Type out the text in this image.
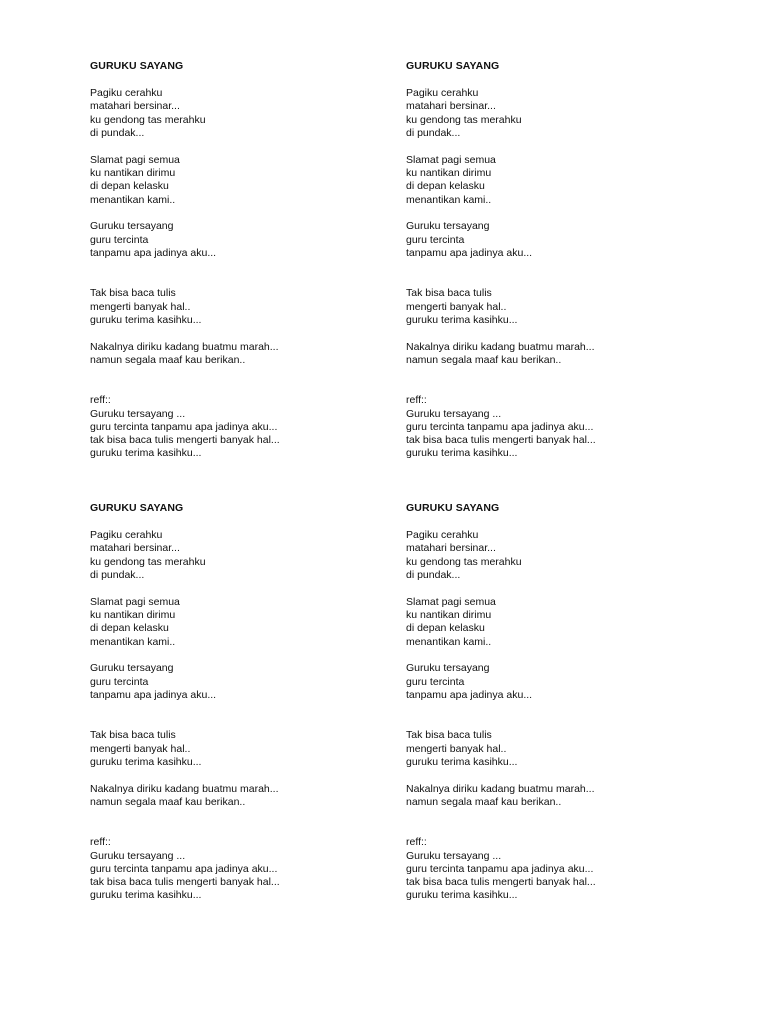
GURUKU SAYANG

Pagiku cerahku
matahari bersinar...
ku gendong tas merahku
di pundak...

Slamat pagi semua
ku nantikan dirimu
di depan kelasku
menantikan kami..

Guruku tersayang
guru tercinta
tanpamu apa jadinya aku...

Tak bisa baca tulis
mengerti banyak hal..
guruku terima kasihku...

Nakalnya diriku kadang buatmu marah...
namun segala maaf kau berikan..

reff::
Guruku tersayang ...
guru tercinta tanpamu apa jadinya aku...
tak bisa baca tulis mengerti banyak hal...
guruku terima kasihku...

GURUKU SAYANG

Pagiku cerahku
matahari bersinar...
ku gendong tas merahku
di pundak...

Slamat pagi semua
ku nantikan dirimu
di depan kelasku
menantikan kami..

Guruku tersayang
guru tercinta
tanpamu apa jadinya aku...

Tak bisa baca tulis
mengerti banyak hal..
guruku terima kasihku...

Nakalnya diriku kadang buatmu marah...
namun segala maaf kau berikan..

reff::
Guruku tersayang ...
guru tercinta tanpamu apa jadinya aku...
tak bisa baca tulis mengerti banyak hal...
guruku terima kasihku...

GURUKU SAYANG

Pagiku cerahku
matahari bersinar...
ku gendong tas merahku
di pundak...

Slamat pagi semua
ku nantikan dirimu
di depan kelasku
menantikan kami..

Guruku tersayang
guru tercinta
tanpamu apa jadinya aku...

Tak bisa baca tulis
mengerti banyak hal..
guruku terima kasihku...

Nakalnya diriku kadang buatmu marah...
namun segala maaf kau berikan..

reff::
Guruku tersayang ...
guru tercinta tanpamu apa jadinya aku...
tak bisa baca tulis mengerti banyak hal...
guruku terima kasihku...

GURUKU SAYANG

Pagiku cerahku
matahari bersinar...
ku gendong tas merahku
di pundak...

Slamat pagi semua
ku nantikan dirimu
di depan kelasku
menantikan kami..

Guruku tersayang
guru tercinta
tanpamu apa jadinya aku...

Tak bisa baca tulis
mengerti banyak hal..
guruku terima kasihku...

Nakalnya diriku kadang buatmu marah...
namun segala maaf kau berikan..

reff::
Guruku tersayang ...
guru tercinta tanpamu apa jadinya aku...
tak bisa baca tulis mengerti banyak hal...
guruku terima kasihku...
